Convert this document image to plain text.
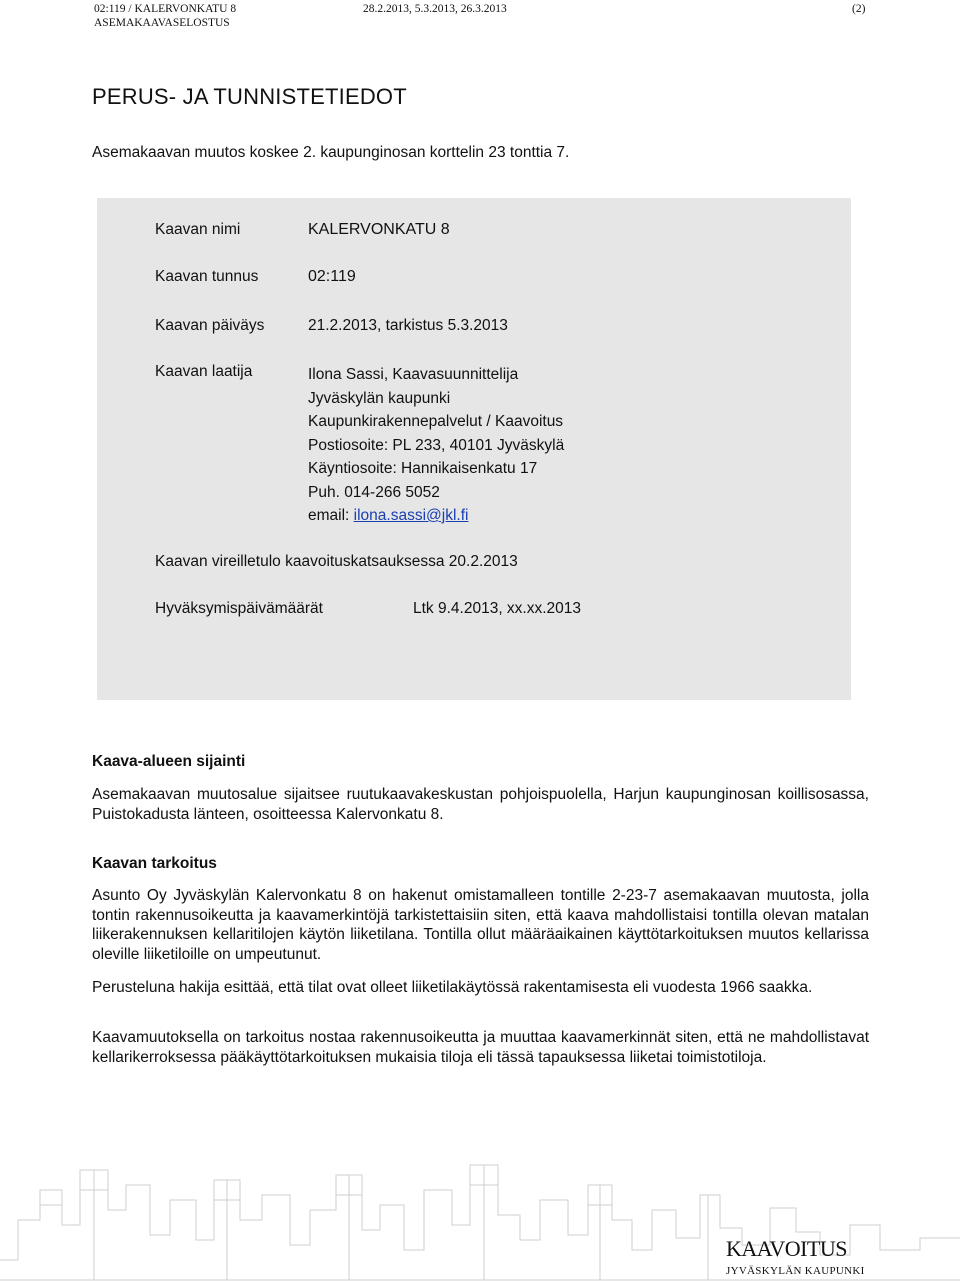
02:119 / KALERVONKATU 8
ASEMAKAAVASELOSTUS
28.2.2013, 5.3.2013, 26.3.2013	(2)
PERUS- JA TUNNISTETIEDOT
Asemakaavan muutos koskee 2. kaupunginosan korttelin 23 tonttia 7.
Kaavan nimi	KALERVONKATU 8
Kaavan tunnus	02:119
Kaavan päiväys	21.2.2013, tarkistus 5.3.2013
Kaavan laatija	Ilona Sassi, Kaavasuunnittelija
Jyväskylän kaupunki
Kaupunkirakennepalvelut / Kaavoitus
Postiosoite: PL 233, 40101 Jyväskylä
Käyntiosoite: Hannikaisenkatu 17
Puh. 014-266 5052
email: ilona.sassi@jkl.fi
Kaavan vireilletulo kaavoituskatsauksessa 20.2.2013
Hyväksymispäivämäärät	Ltk 9.4.2013, xx.xx.2013
Kaava-alueen sijainti

Asemakaavan muutosalue sijaitsee ruutukaavakeskustan pohjoispuolella, Harjun kaupunginosan koillisosassa, Puistokadusta länteen, osoitteessa Kalervonkatu 8.

Kaavan tarkoitus

Asunto Oy Jyväskylän Kalervonkatu 8 on hakenut omistamalleen tontille 2-23-7 asemakaavan muutosta, jolla tontin rakennusoikeutta ja kaavamerkintöjä tarkistettaisiin siten, että kaava mahdollistaisi tontilla olevan matalan liikerakennuksen kellaritilojen käytön liiketilana. Tontilla ollut määräaikainen käyttötarkoituksen muutos kellarissa oleville liiketiloille on umpeutunut.

Perusteluna hakija esittää, että tilat ovat olleet liiketilakäytössä rakentamisesta eli vuodesta 1966 saakka.

Kaavamuutoksella on tarkoitus nostaa rakennusoikeutta ja muuttaa kaavamerkinnät siten, että ne mahdollistavat kellarikerroksessa pääkäyttötarkoituksen mukaisia tiloja eli tässä tapauksessa liiketai toimistotiloja.

KAAVOITUS
JYVÄSKYLÄN KAUPUNKI
